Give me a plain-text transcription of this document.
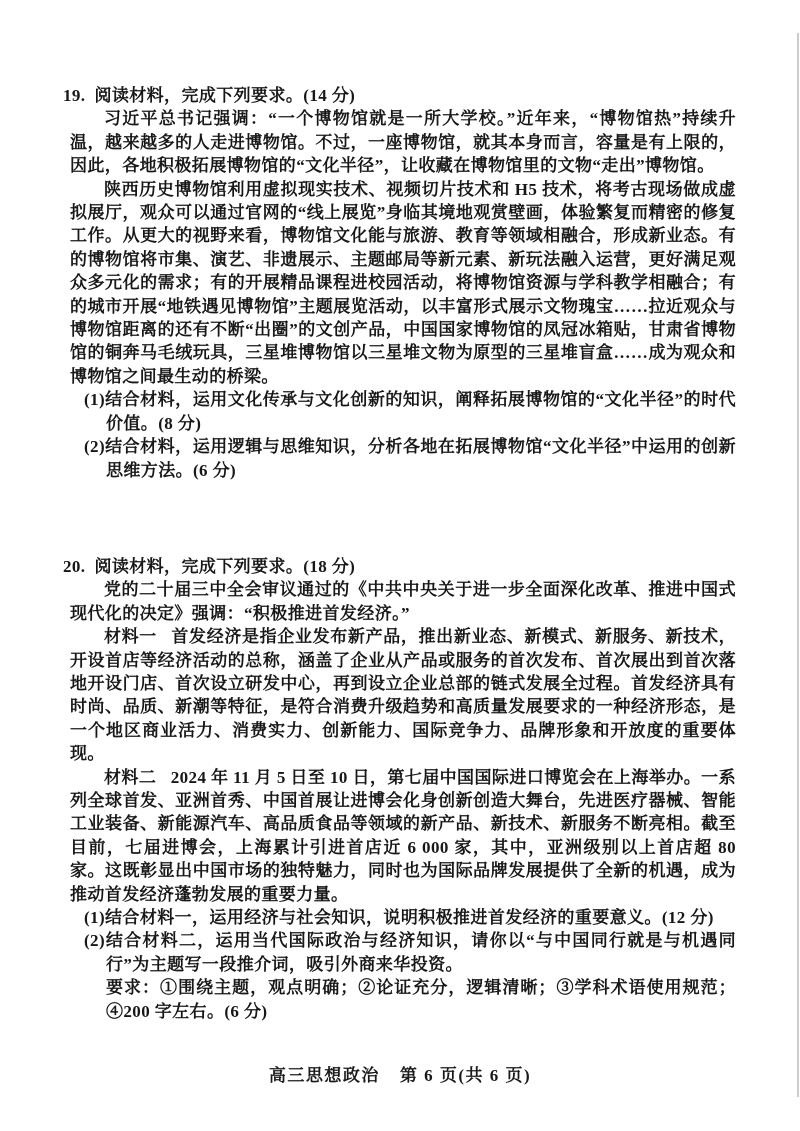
19. 阅读材料，完成下列要求。(14 分)

习近平总书记强调：“一个博物馆就是一所大学校。”近年来，“博物馆热”持续升温，越来越多的人走进博物馆。不过，一座博物馆，就其本身而言，容量是有上限的，因此，各地积极拓展博物馆的“文化半径”，让收藏在博物馆里的文物“走出”博物馆。

陕西历史博物馆利用虚拟现实技术、视频切片技术和 H5 技术，将考古现场做成虚拟展厅，观众可以通过官网的“线上展览”身临其境地观赏壁画，体验繁复而精密的修复工作。从更大的视野来看，博物馆文化能与旅游、教育等领域相融合，形成新业态。有的博物馆将市集、演艺、非遗展示、主题邮局等新元素、新玩法融入运营，更好满足观众多元化的需求；有的开展精品课程进校园活动，将博物馆资源与学科教学相融合；有的城市开展“地铁遇见博物馆”主题展览活动，以丰富形式展示文物瑰宝……拉近观众与博物馆距离的还有不断“出圈”的文创产品，中国国家博物馆的凤冠冰箱贴，甘肃省博物馆的铜奔马毛绒玩具，三星堆博物馆以三星堆文物为原型的三星堆盲盒……成为观众和博物馆之间最生动的桥梁。

(1)结合材料，运用文化传承与文化创新的知识，阐释拓展博物馆的“文化半径”的时代价值。(8 分)

(2)结合材料，运用逻辑与思维知识，分析各地在拓展博物馆“文化半径”中运用的创新思维方法。(6 分)

20. 阅读材料，完成下列要求。(18 分)

党的二十届三中全会审议通过的《中共中央关于进一步全面深化改革、推进中国式现代化的决定》强调：“积极推进首发经济。”

材料一 首发经济是指企业发布新产品，推出新业态、新模式、新服务、新技术，开设首店等经济活动的总称，涵盖了企业从产品或服务的首次发布、首次展出到首次落地开设门店、首次设立研发中心，再到设立企业总部的链式发展全过程。首发经济具有时尚、品质、新潮等特征，是符合消费升级趋势和高质量发展要求的一种经济形态，是一个地区商业活力、消费实力、创新能力、国际竞争力、品牌形象和开放度的重要体现。

材料二 2024 年 11 月 5 日至 10 日，第七届中国国际进口博览会在上海举办。一系列全球首发、亚洲首秀、中国首展让进博会化身创新创造大舞台，先进医疗器械、智能工业装备、新能源汽车、高品质食品等领域的新产品、新技术、新服务不断亮相。截至目前，七届进博会，上海累计引进首店近 6 000 家，其中，亚洲级别以上首店超 80 家。这既彰显出中国市场的独特魅力，同时也为国际品牌发展提供了全新的机遇，成为推动首发经济蓬勃发展的重要力量。

(1)结合材料一，运用经济与社会知识，说明积极推进首发经济的重要意义。(12 分)

(2)结合材料二，运用当代国际政治与经济知识，请你以“与中国同行就是与机遇同行”为主题写一段推介词，吸引外商来华投资。

要求：①围绕主题，观点明确；②论证充分，逻辑清晰；③学科术语使用规范；④200 字左右。(6 分)

高三思想政治 第 6 页(共 6 页)
